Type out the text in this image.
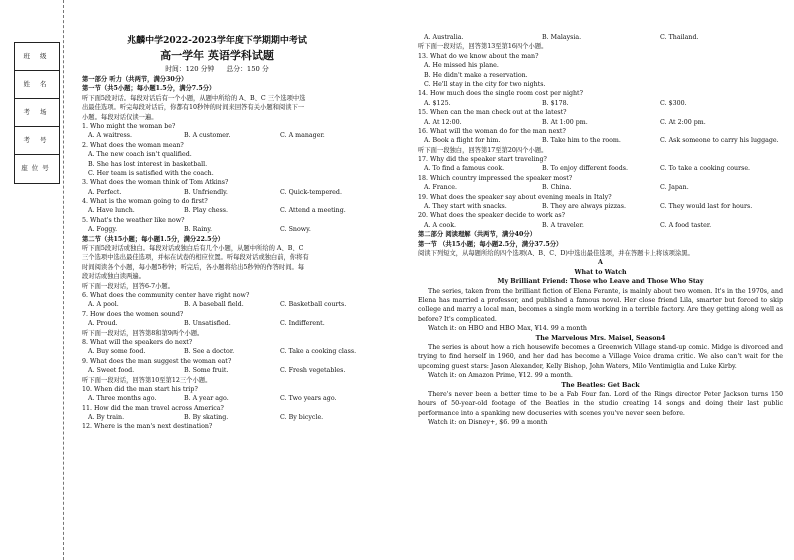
班 级
姓 名
考 场
考 号
座位号
兆麟中学2022-2023学年度下学期期中考试
高一学年 英语学科试题
时间：120 分钟 总分：150 分
第一部分 听力（共两节，满分30分）
第一节（共5小题；每小题1.5分，满分7.5分）
听下面5段对话。每段对话后有一个小题，从题中所给的 A、B、C 三个选项中选
出最佳选项。听完每段对话后，你都有10秒钟的时间来回答有关小题和阅读下一
小题。每段对话仅读一遍。
1. Who might the woman be?
A. A waitress.	B. A customer.	C. A manager.
2. What does the woman mean?
A. The new coach isn't qualified.
B. She has lost interest in basketball.
C. Her team is satisfied with the coach.
3. What does the woman think of Tom Atkins?
A. Perfect.	B. Unfriendly.	C. Quick-tempered.
4. What is the woman going to do first?
A. Have lunch.	B. Play chess.	C. Attend a meeting.
5. What's the weather like now?
A. Foggy.	B. Rainy.	C. Snowy.
第二节（共15小题；每小题1.5分，满分22.5分）
听下面5段对话或独白。每段对话或独白后有几个小题，从题中所给的 A、B、C
三个选项中选出最佳选项，并标在试卷的相应位置。听每段对话或独白前，你将有
时间阅读各个小题，每小题5秒钟；听完后，各小题将给出5秒钟的作答时间。每
段对话或独白读两遍。
听下面一段对话，回答6-7小题。
6. What does the community center have right now?
A. A pool.	B. A baseball field.	C. Basketball courts.
7. How does the women sound?
A. Proud.	B. Unsatisfied.	C. Indifferent.
听下面一段对话，回答第8和第9两个小题。
8. What will the speakers do next?
A. Buy some food.	B. See a doctor.	C. Take a cooking class.
9. What does the man suggest the woman eat?
A. Sweet food.	B. Some fruit.	C. Fresh vegetables.
听下面一段对话，回答第10至第12三个小题。
10. When did the man start his trip?
A. Three months ago.	B. A year ago.	C. Two years ago.
11. How did the man travel across America?
A. By train.	B. By skating.	C. By bicycle.
12. Where is the man's next destination?
A. Australia.	B. Malaysia.	C. Thailand.
听下面一段对话，回答第13至第16四个小题。
13. What do we know about the man?
A. He missed his plane.
B. He didn't make a reservation.
C. He'll stay in the city for two nights.
14. How much does the single room cost per night?
A. $125.	B. $178.	C. $300.
15. When can the man check out at the latest?
A. At 12:00.	B. At 1:00 pm.	C. At 2:00 pm.
16. What will the woman do for the man next?
A. Book a flight for him.	B. Take him to the room.	C. Ask someone to carry his luggage.
听下面一段独白，回答第17至第20四个小题。
17. Why did the speaker start traveling?
A. To find a famous cook.	B. To enjoy different foods.	C. To take a cooking course.
18. Which country impressed the speaker most?
A. France.	B. China.	C. Japan.
19. What does the speaker say about evening meals in Italy?
A. They start with snacks.	B. They are always pizzas.	C. They would last for hours.
20. What does the speaker decide to work as?
A. A cook.	B. A traveler.	C. A food taster.
第二部分 阅读理解（共两节，满分40分）
第一节 （共15小题；每小题2.5分，满分37.5分）
阅读下列短文，从每题所给的四个选项(A、B、C、D)中选出最佳选项，并在答题卡上将该项涂黑。
A
What to Watch
My Brilliant Friend: Those who Leave and Those Who Stay
The series, taken from the brilliant fiction of Elena Ferante, is mainly about two women. It's in the 1970s, and Elena has married a professor, and published a famous novel. Her close friend Lila, smarter but forced to skip college and marry a local man, becomes a single mom working in a terrible factory. Are they getting along well as before? It's complicated.
Watch it: on HBO and HBO Max, ¥14. 99 a month
The Marvelous Mrs. Maisel, Season4
The series is about how a rich housewife becomes a Greenwich Village stand-up comic. Midge is divorced and trying to find herself in 1960, and her dad has become a Village Voice drama critic. We also can't wait for the upcoming guest stars: Jason Alexander, Kelly Bishop, John Waters, Milo Ventimiglia and Luke Kirby.
Watch it: on Amazon Prime, ¥12. 99 a month.
The Beatles: Get Back
There's never been a better time to be a Fab Four fan. Lord of the Rings director Peter Jackson turns 150 hours of 50-year-old footage of the Beatles in the studio creating 14 songs and doing their last public performance into a spanking new docuseries with scenes you've never seen before.
Watch it: on Disney+, $6. 99 a month
